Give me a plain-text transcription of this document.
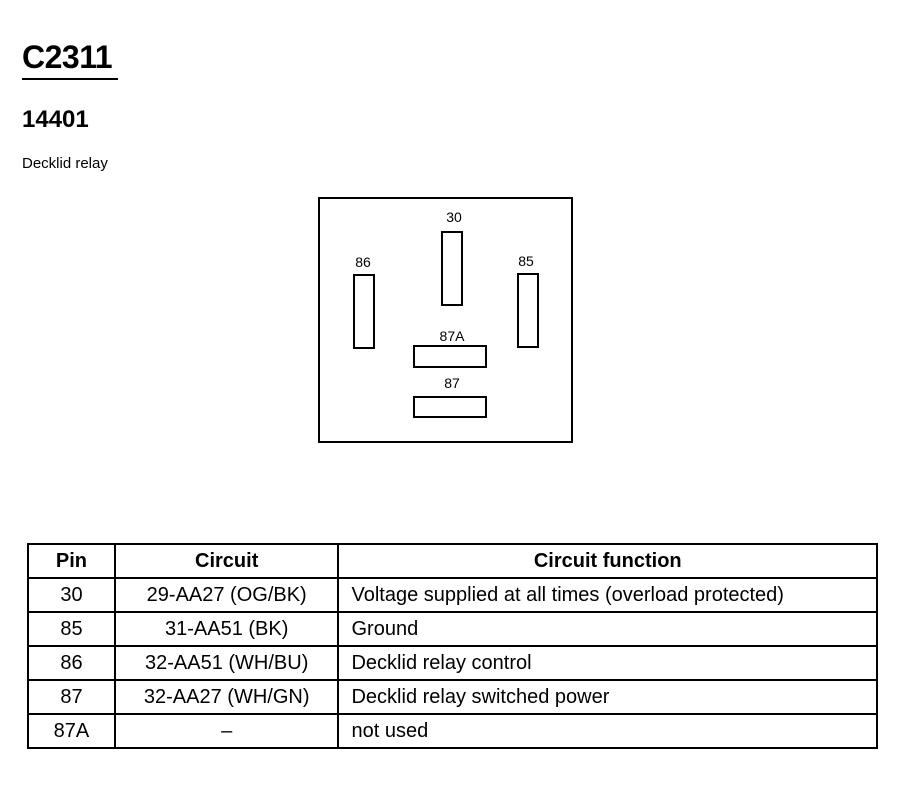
C2311
14401
Decklid relay
30
86	85
87A
87
Pin	Circuit	Circuit function
30	29-AA27 (OG/BK)	Voltage supplied at all times (overload protected)
85	31-AA51 (BK)	Ground
86	32-AA51 (WH/BU)	Decklid relay control
87	32-AA27 (WH/GN)	Decklid relay switched power
87A	–	not used
